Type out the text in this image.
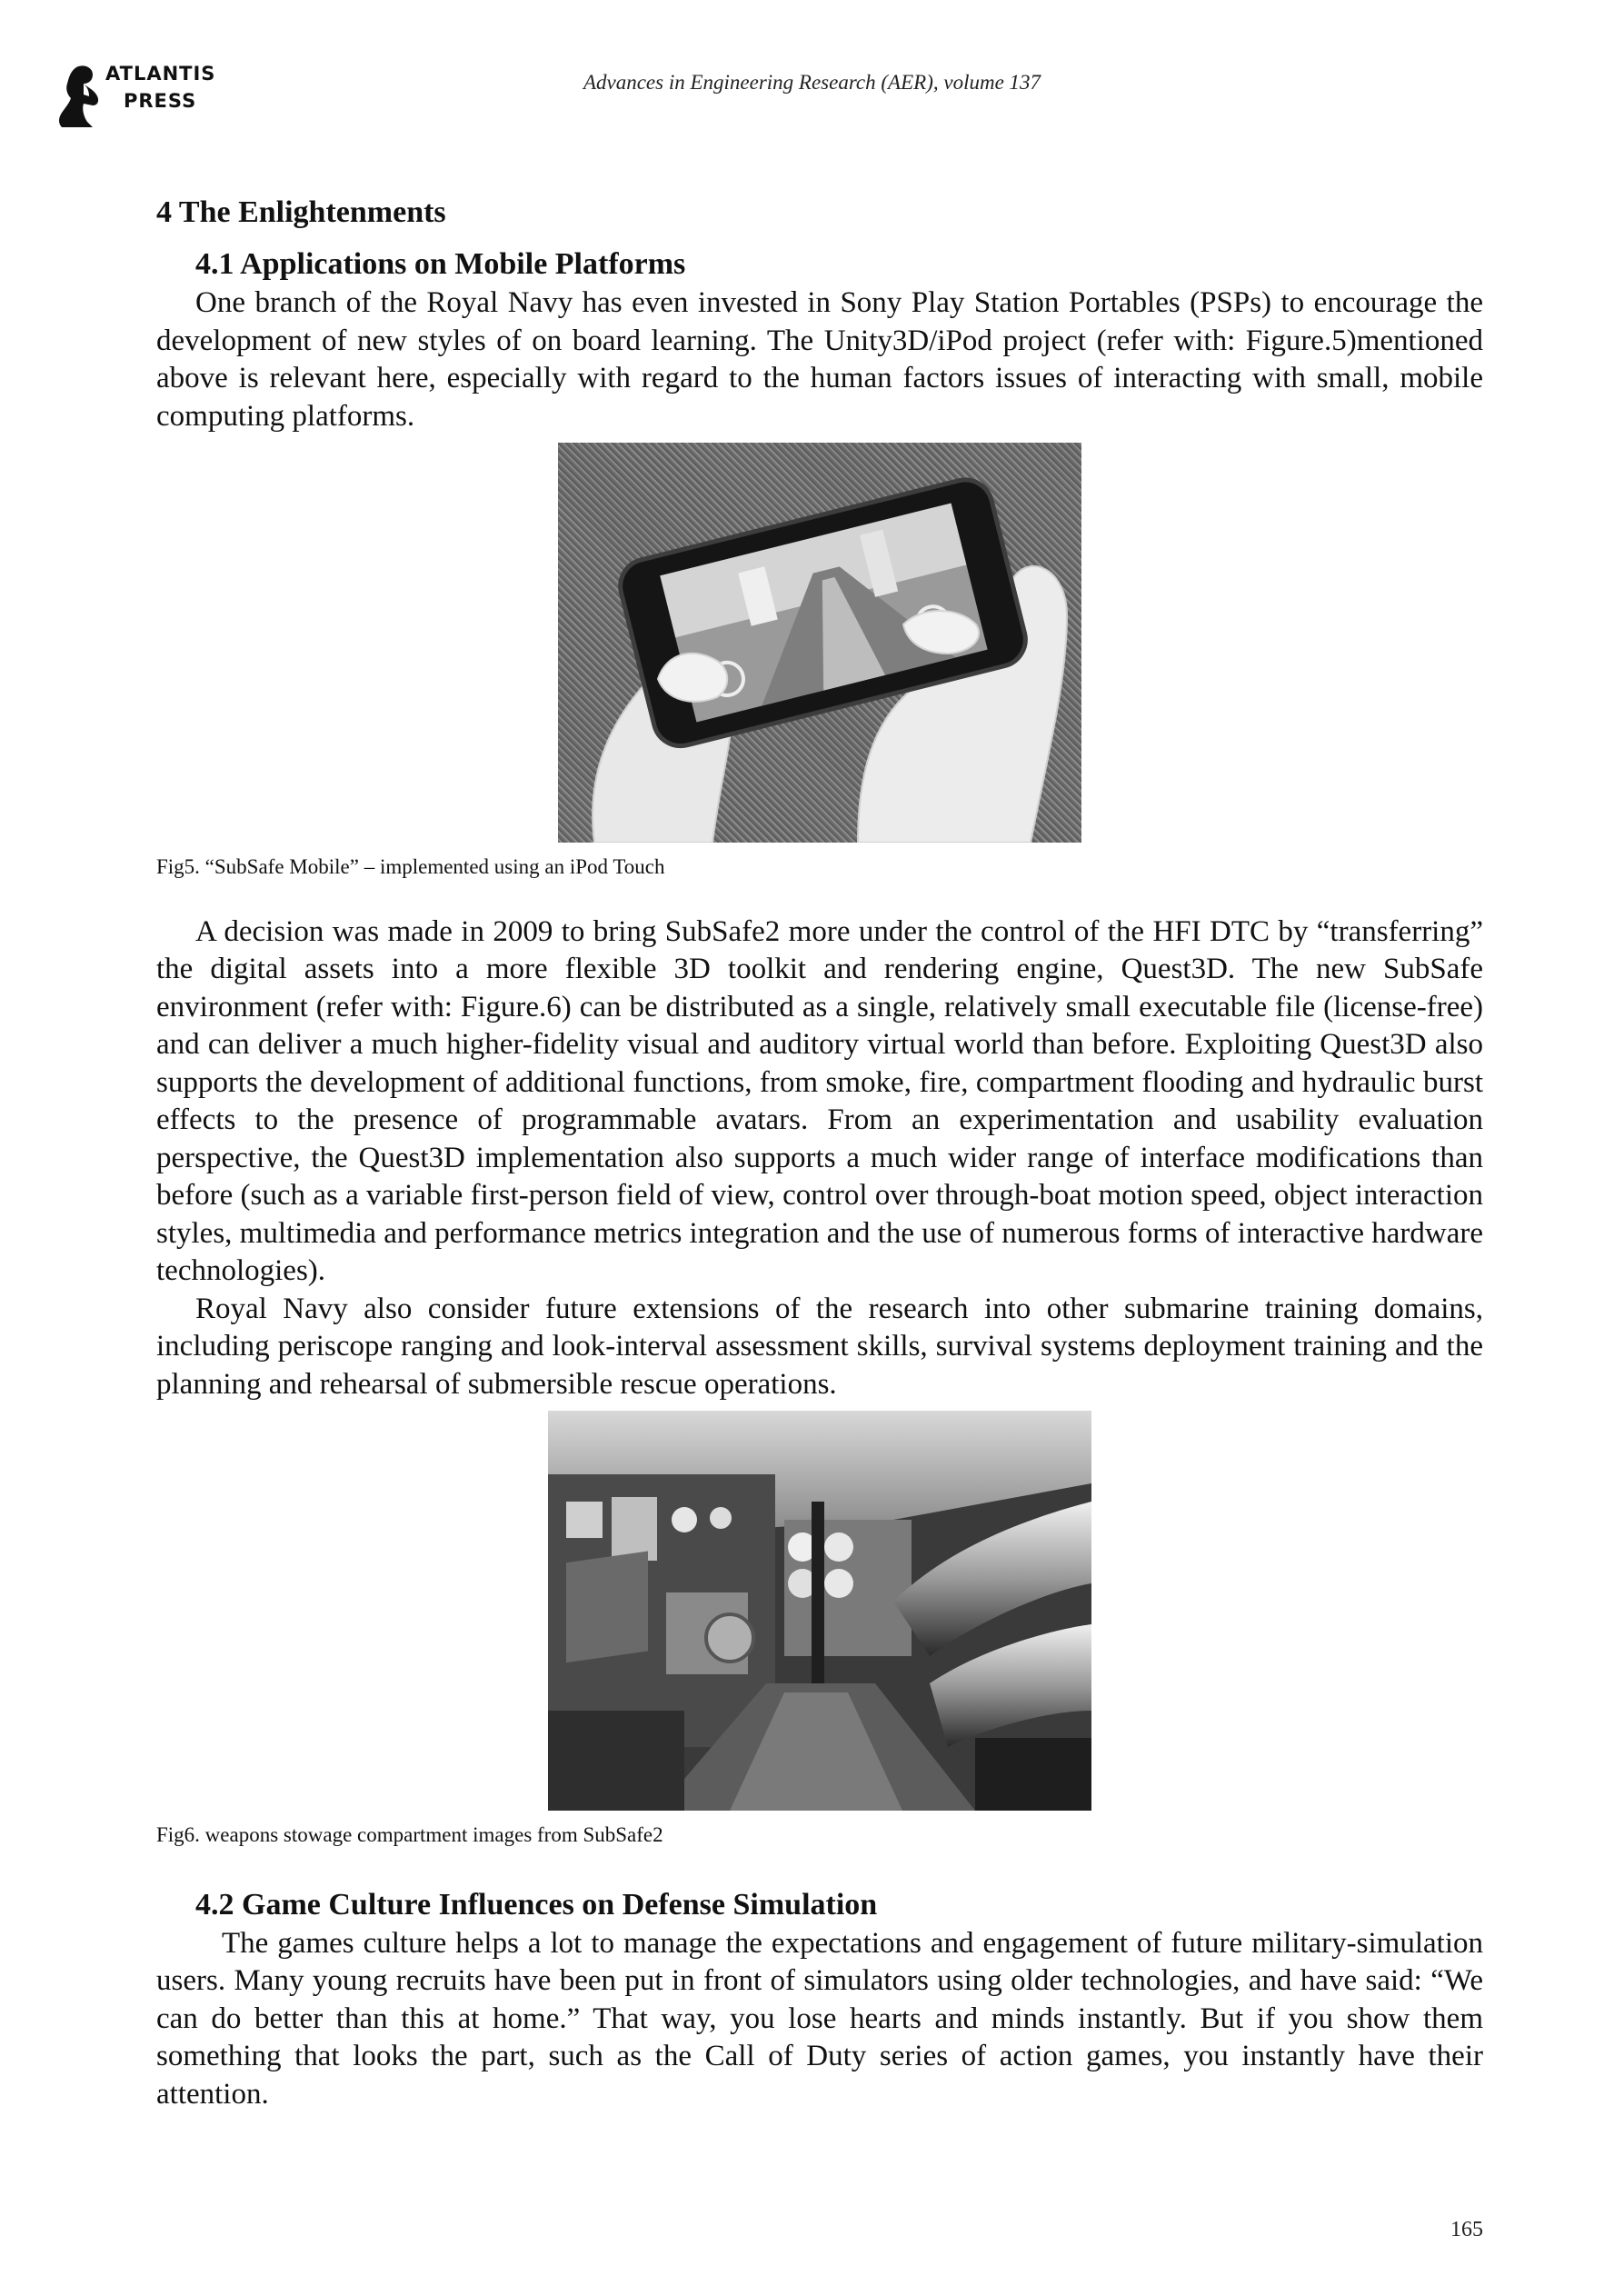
ATLANTIS
PRESS
Advances in Engineering Research (AER), volume 137
4 The Enlightenments
4.1 Applications on Mobile Platforms

One branch of the Royal Navy has even invested in Sony Play Station Portables (PSPs) to encourage the development of new styles of on board learning. The Unity3D/iPod project (refer with: Figure.5)mentioned above is relevant here, especially with regard to the human factors issues of interacting with small, mobile computing platforms.

Fig5. “SubSafe Mobile” – implemented using an iPod Touch

A decision was made in 2009 to bring SubSafe2 more under the control of the HFI DTC by “transferring” the digital assets into a more flexible 3D toolkit and rendering engine, Quest3D. The new SubSafe environment (refer with: Figure.6) can be distributed as a single, relatively small executable file (license-free) and can deliver a much higher-fidelity visual and auditory virtual world than before. Exploiting Quest3D also supports the development of additional functions, from smoke, fire, compartment flooding and hydraulic burst effects to the presence of programmable avatars. From an experimentation and usability evaluation perspective, the Quest3D implementation also supports a much wider range of interface modifications than before (such as a variable first-person field of view, control over through-boat motion speed, object interaction styles, multimedia and performance metrics integration and the use of numerous forms of interactive hardware technologies).

Royal Navy also consider future extensions of the research into other submarine training domains, including periscope ranging and look-interval assessment skills, survival systems deployment training and the planning and rehearsal of submersible rescue operations.

Fig6. weapons stowage compartment images from SubSafe2

4.2 Game Culture Influences on Defense Simulation

The games culture helps a lot to manage the expectations and engagement of future military-simulation users. Many young recruits have been put in front of simulators using older technologies, and have said: “We can do better than this at home.” That way, you lose hearts and minds instantly. But if you show them something that looks the part, such as the Call of Duty series of action games, you instantly have their attention.

165
